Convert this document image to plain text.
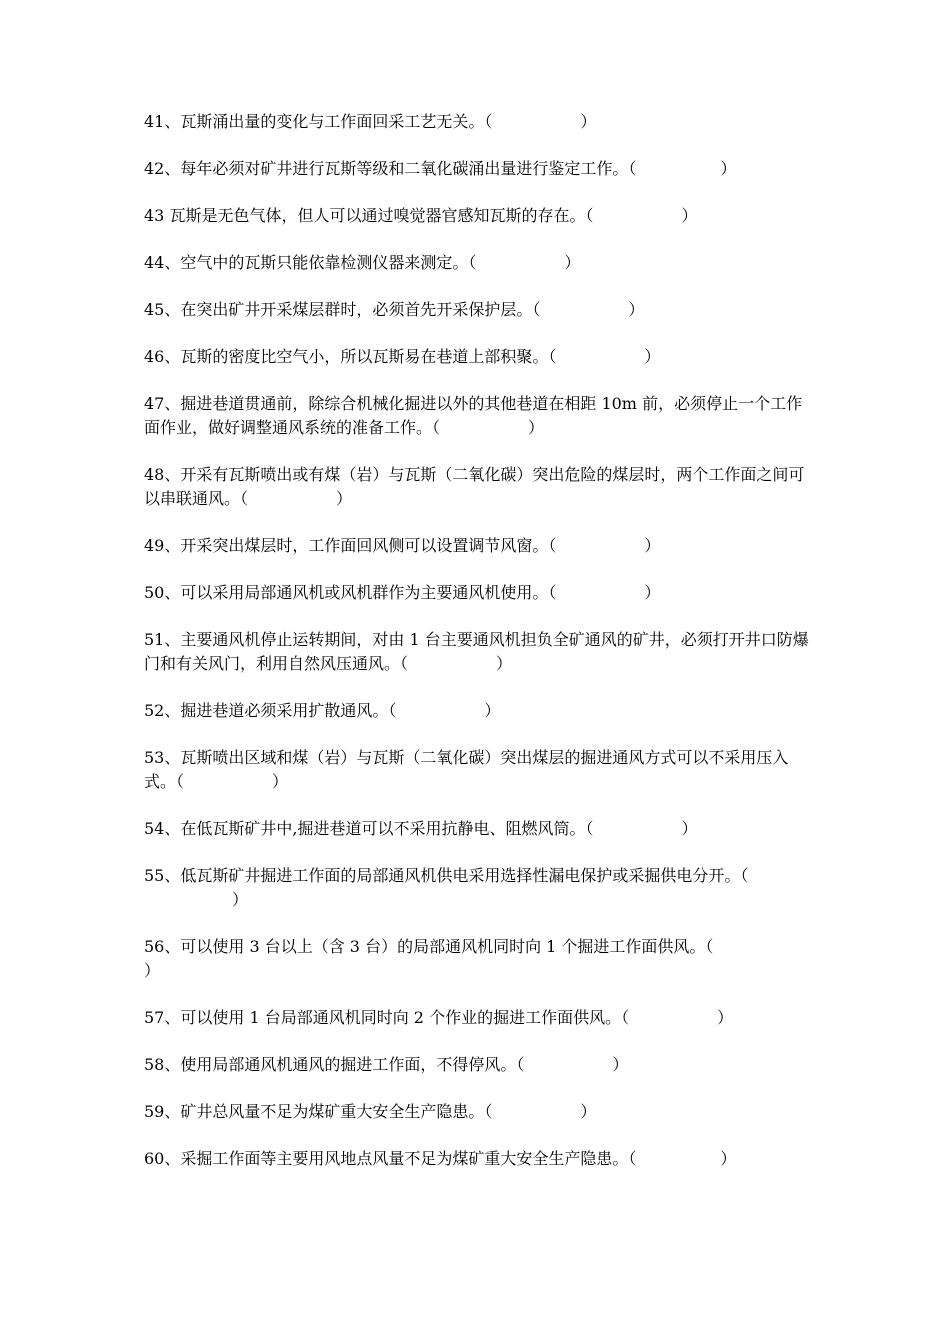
41、瓦斯涌出量的变化与工作面回采工艺无关。（	）

42、每年必须对矿井进行瓦斯等级和二氧化碳涌出量进行鉴定工作。（	）

43 瓦斯是无色气体，但人可以通过嗅觉器官感知瓦斯的存在。（	）

44、空气中的瓦斯只能依靠检测仪器来测定。（	）

45、在突出矿井开采煤层群时，必须首先开采保护层。（	）

46、瓦斯的密度比空气小，所以瓦斯易在巷道上部积聚。（	）

47、掘进巷道贯通前，除综合机械化掘进以外的其他巷道在相距 10m 前，必须停止一个工作面作业，做好调整通风系统的准备工作。（	）

48、开采有瓦斯喷出或有煤（岩）与瓦斯（二氧化碳）突出危险的煤层时，两个工作面之间可以串联通风。（	）

49、开采突出煤层时，工作面回风侧可以设置调节风窗。（	）

50、可以采用局部通风机或风机群作为主要通风机使用。（	）

51、主要通风机停止运转期间，对由 1 台主要通风机担负全矿通风的矿井，必须打开井口防爆门和有关风门，利用自然风压通风。（	）

52、掘进巷道必须采用扩散通风。（	）

53、瓦斯喷出区域和煤（岩）与瓦斯（二氧化碳）突出煤层的掘进通风方式可以不采用压入式。（	）

54、在低瓦斯矿井中,掘进巷道可以不采用抗静电、阻燃风筒。（	）

55、低瓦斯矿井掘进工作面的局部通风机供电采用选择性漏电保护或采掘供电分开。（）

56、可以使用 3 台以上（含 3 台）的局部通风机同时向 1 个掘进工作面供风。（）

57、可以使用 1 台局部通风机同时向 2 个作业的掘进工作面供风。（	）

58、使用局部通风机通风的掘进工作面，不得停风。（	）

59、矿井总风量不足为煤矿重大安全生产隐患。（	）

60、采掘工作面等主要用风地点风量不足为煤矿重大安全生产隐患。（	）
